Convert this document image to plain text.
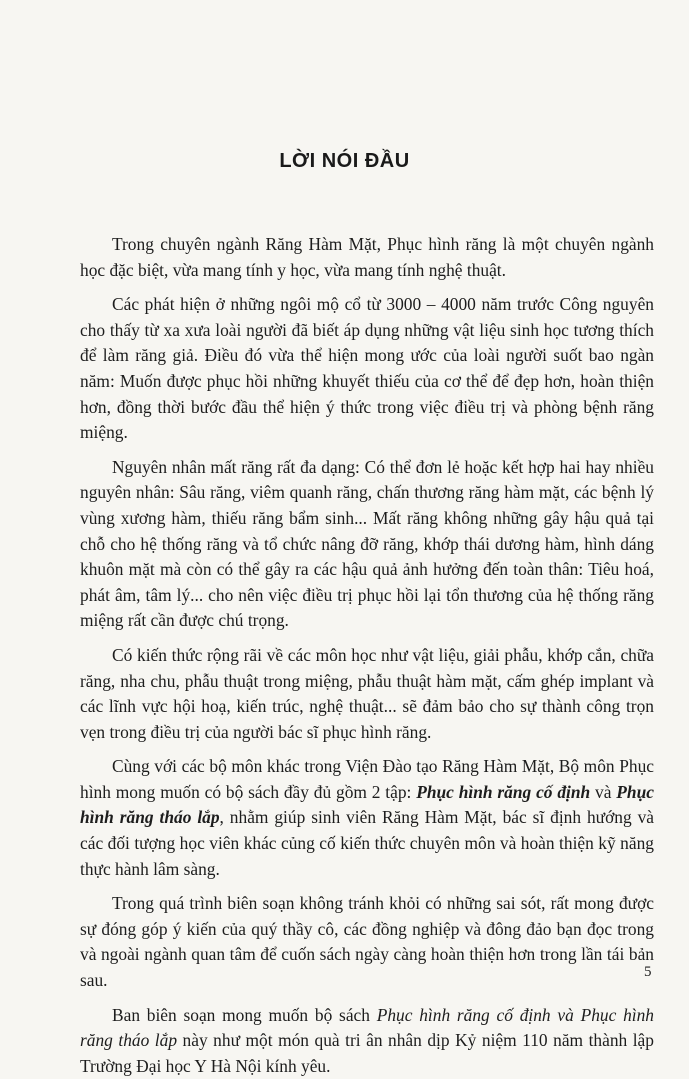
LỜI NÓI ĐẦU

Trong chuyên ngành Răng Hàm Mặt, Phục hình răng là một chuyên ngành học đặc biệt, vừa mang tính y học, vừa mang tính nghệ thuật.

Các phát hiện ở những ngôi mộ cổ từ 3000 – 4000 năm trước Công nguyên cho thấy từ xa xưa loài người đã biết áp dụng những vật liệu sinh học tương thích để làm răng giả. Điều đó vừa thể hiện mong ước của loài người suốt bao ngàn năm: Muốn được phục hồi những khuyết thiếu của cơ thể để đẹp hơn, hoàn thiện hơn, đồng thời bước đầu thể hiện ý thức trong việc điều trị và phòng bệnh răng miệng.

Nguyên nhân mất răng rất đa dạng: Có thể đơn lẻ hoặc kết hợp hai hay nhiều nguyên nhân: Sâu răng, viêm quanh răng, chấn thương răng hàm mặt, các bệnh lý vùng xương hàm, thiếu răng bẩm sinh... Mất răng không những gây hậu quả tại chỗ cho hệ thống răng và tổ chức nâng đỡ răng, khớp thái dương hàm, hình dáng khuôn mặt mà còn có thể gây ra các hậu quả ảnh hưởng đến toàn thân: Tiêu hoá, phát âm, tâm lý... cho nên việc điều trị phục hồi lại tổn thương của hệ thống răng miệng rất cần được chú trọng.

Có kiến thức rộng rãi về các môn học như vật liệu, giải phẫu, khớp cắn, chữa răng, nha chu, phẫu thuật trong miệng, phẫu thuật hàm mặt, cấm ghép implant và các lĩnh vực hội hoạ, kiến trúc, nghệ thuật... sẽ đảm bảo cho sự thành công trọn vẹn trong điều trị của người bác sĩ phục hình răng.

Cùng với các bộ môn khác trong Viện Đào tạo Răng Hàm Mặt, Bộ môn Phục hình mong muốn có bộ sách đầy đủ gồm 2 tập: Phục hình răng cố định và Phục hình răng tháo lắp, nhằm giúp sinh viên Răng Hàm Mặt, bác sĩ định hướng và các đối tượng học viên khác củng cố kiến thức chuyên môn và hoàn thiện kỹ năng thực hành lâm sàng.

Trong quá trình biên soạn không tránh khỏi có những sai sót, rất mong được sự đóng góp ý kiến của quý thầy cô, các đồng nghiệp và đông đảo bạn đọc trong và ngoài ngành quan tâm để cuốn sách ngày càng hoàn thiện hơn trong lần tái bản sau.

Ban biên soạn mong muốn bộ sách Phục hình răng cố định và Phục hình răng tháo lắp này như một món quà tri ân nhân dịp Kỷ niệm 110 năm thành lập Trường Đại học Y Hà Nội kính yêu.

5
